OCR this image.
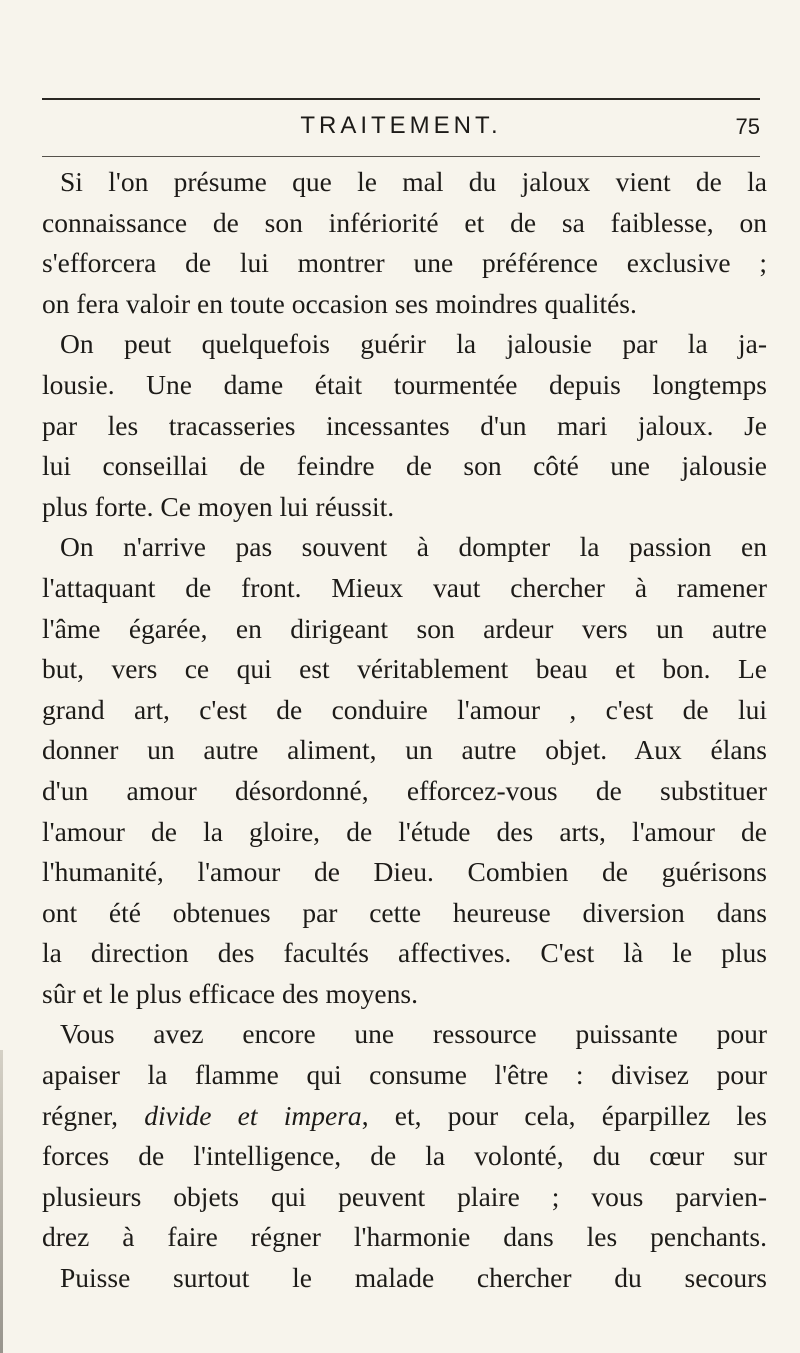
TRAITEMENT.	75
Si l'on présume que le mal du jaloux vient de la
connaissance de son infériorité et de sa faiblesse, on
s'efforcera de lui montrer une préférence exclusive ;
on fera valoir en toute occasion ses moindres qualités.
On peut quelquefois guérir la jalousie par la ja-
lousie. Une dame était tourmentée depuis longtemps
par les tracasseries incessantes d'un mari jaloux. Je
lui conseillai de feindre de son côté une jalousie
plus forte. Ce moyen lui réussit.
On n'arrive pas souvent à dompter la passion en
l'attaquant de front. Mieux vaut chercher à ramener
l'âme égarée, en dirigeant son ardeur vers un autre
but, vers ce qui est véritablement beau et bon. Le
grand art, c'est de conduire l'amour , c'est de lui
donner un autre aliment, un autre objet. Aux élans
d'un amour désordonné, efforcez-vous de substituer
l'amour de la gloire, de l'étude des arts, l'amour de
l'humanité, l'amour de Dieu. Combien de guérisons
ont été obtenues par cette heureuse diversion dans
la direction des facultés affectives. C'est là le plus
sûr et le plus efficace des moyens.
Vous avez encore une ressource puissante pour
apaiser la flamme qui consume l'être : divisez pour
régner, divide et impera, et, pour cela, éparpillez les
forces de l'intelligence, de la volonté, du cœur sur
plusieurs objets qui peuvent plaire ; vous parvien-
drez à faire régner l'harmonie dans les penchants.
Puisse surtout le malade chercher du secours
